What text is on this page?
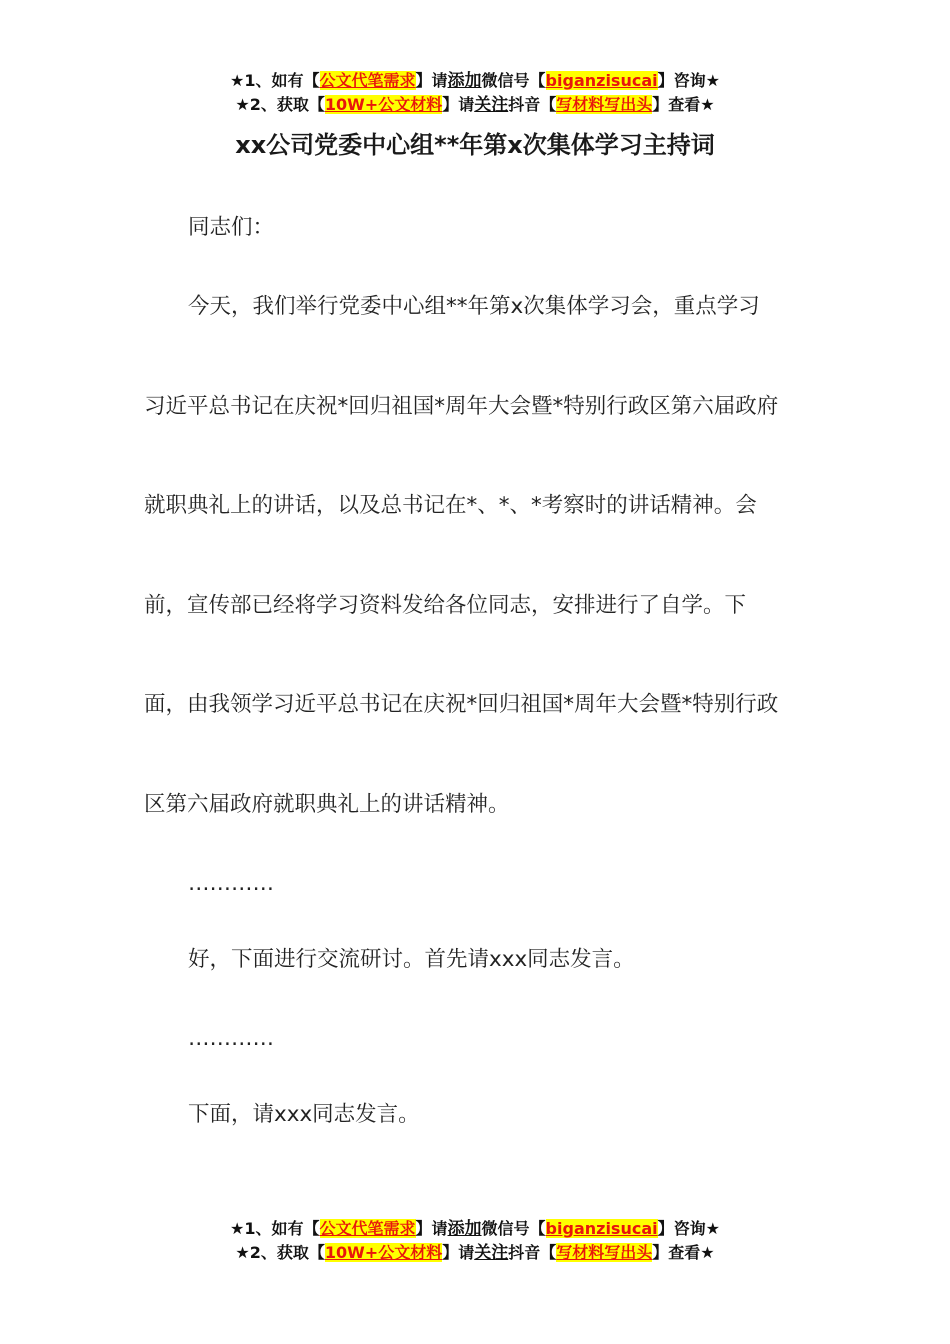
★1、如有【公文代笔需求】请添加微信号【biganzisucai】咨询★
★2、获取【10W+公文材料】请关注抖音【写材料写出头】查看★
xx公司党委中心组**年第x次集体学习主持词
同志们：
今天，我们举行党委中心组**年第x次集体学习会，重点学习
习近平总书记在庆祝*回归祖国*周年大会暨*特别行政区第六届政府
就职典礼上的讲话，以及总书记在*、*、*考察时的讲话精神。会
前，宣传部已经将学习资料发给各位同志，安排进行了自学。下
面，由我领学习近平总书记在庆祝*回归祖国*周年大会暨*特别行政
区第六届政府就职典礼上的讲话精神。
…………
好，下面进行交流研讨。首先请xxx同志发言。
…………
下面，请xxx同志发言。
★1、如有【公文代笔需求】请添加微信号【biganzisucai】咨询★
★2、获取【10W+公文材料】请关注抖音【写材料写出头】查看★
